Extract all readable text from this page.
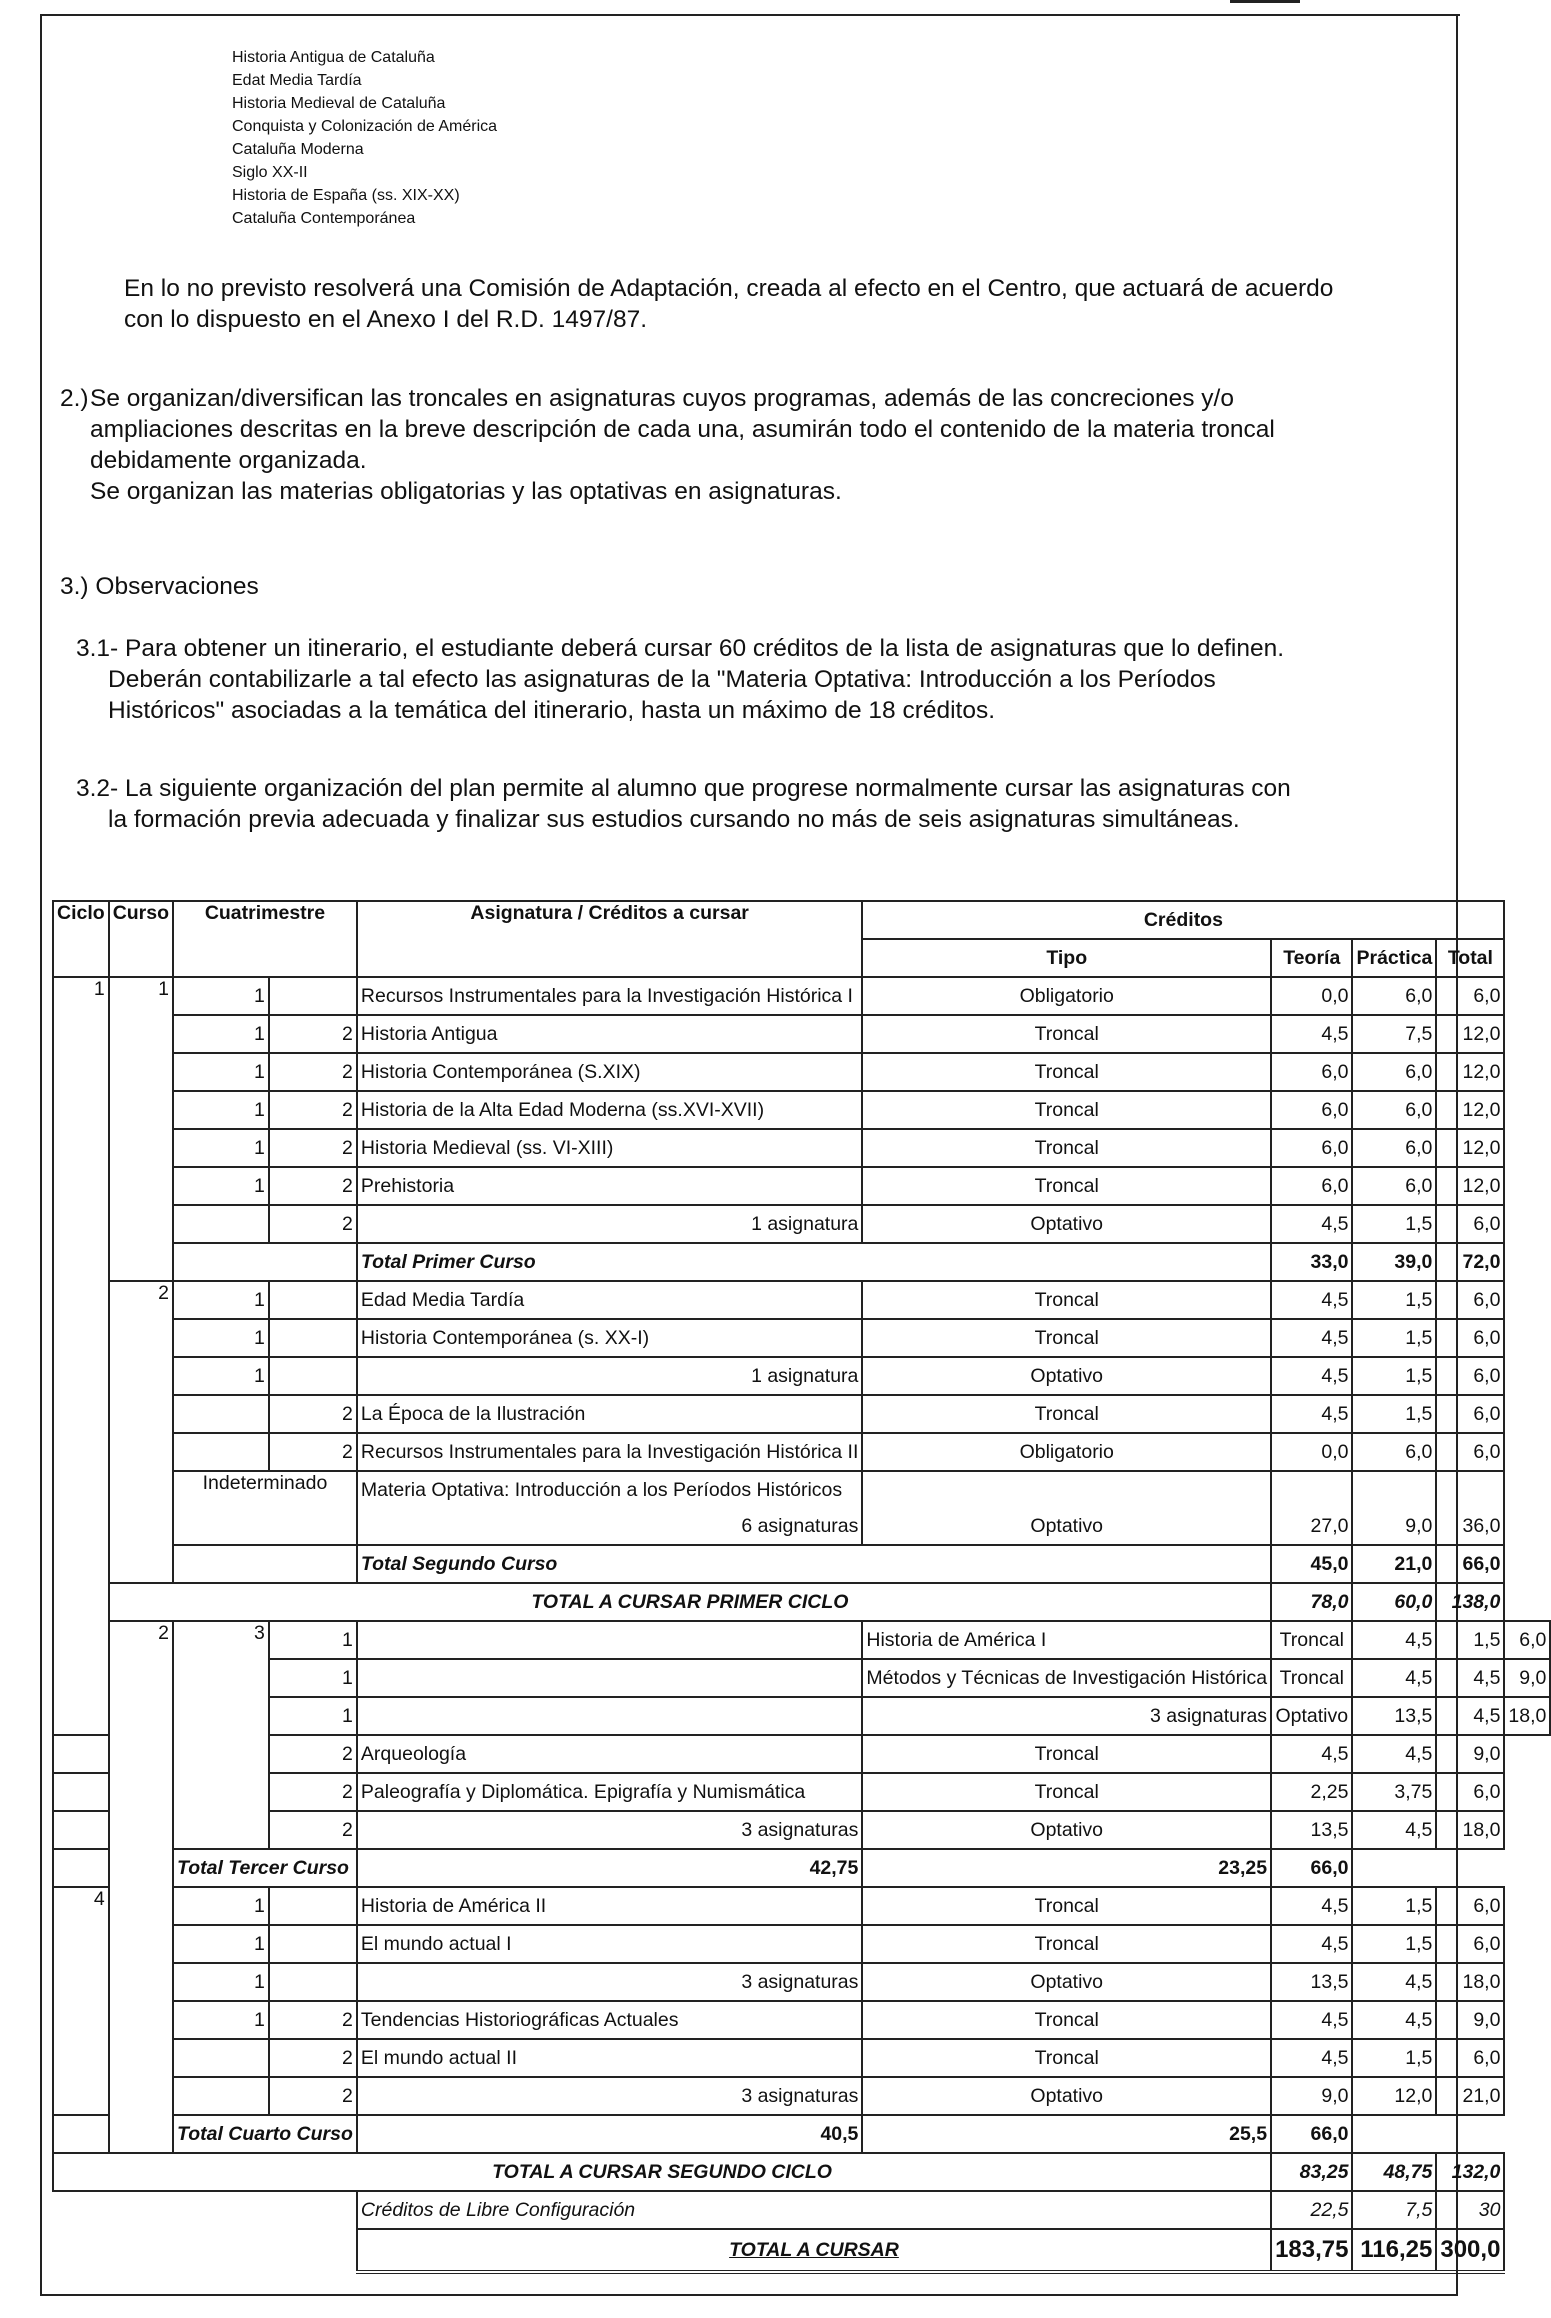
Historia Antigua de Cataluña
Edat Media Tardía
Historia Medieval de Cataluña
Conquista y Colonización de América
Cataluña Moderna
Siglo XX-II
Historia de España (ss. XIX-XX)
Cataluña Contemporánea
En lo no previsto resolverá una Comisión de Adaptación, creada al efecto en el Centro, que actuará de acuerdo
con lo dispuesto en el Anexo I del R.D. 1497/87.
2.) Se organizan/diversifican las troncales en asignaturas cuyos programas, además de las concreciones y/o
ampliaciones descritas en la breve descripción de cada una, asumirán todo el contenido de la materia troncal
debidamente organizada.
Se organizan las materias obligatorias y las optativas en asignaturas.
3.) Observaciones
3.1- Para obtener un itinerario, el estudiante deberá cursar 60 créditos de la lista de asignaturas que lo definen.
Deberán contabilizarle a tal efecto las asignaturas de la "Materia Optativa: Introducción a los Períodos
Históricos" asociadas a la temática del itinerario, hasta un máximo de 18 créditos.
3.2- La siguiente organización del plan permite al alumno que progrese normalmente cursar las asignaturas con
la formación previa adecuada y finalizar sus estudios cursando no más de seis asignaturas simultáneas.
Ciclo	Curso	Cuatrimestre		Asignatura / Créditos a cursar	Créditos				
					Tipo	Teoría	Práctica	Total	
1	1	1		Recursos Instrumentales para la Investigación Histórica I	Obligatorio	0,0	6,0	6,0	
		1	2	Historia Antigua	Troncal	4,5	7,5	12,0	
		1	2	Historia Contemporánea (S.XIX)	Troncal	6,0	6,0	12,0	
		1	2	Historia de la Alta Edad Moderna (ss.XVI-XVII)	Troncal	6,0	6,0	12,0	
		1	2	Historia Medieval (ss. VI-XIII)	Troncal	6,0	6,0	12,0	
		1	2	Prehistoria	Troncal	6,0	6,0	12,0	
			2	1 asignatura	Optativo	4,5	1,5	6,0	
				Total Primer Curso		33,0	39,0	72,0	
	2	1		Edad Media Tardía	Troncal	4,5	1,5	6,0	
		1		Historia Contemporánea (s. XX-I)	Troncal	4,5	1,5	6,0	
		1		1 asignatura	Optativo	4,5	1,5	6,0	
			2	La Época de la Ilustración	Troncal	4,5	1,5	6,0	
			2	Recursos Instrumentales para la Investigación Histórica II	Obligatorio	0,0	6,0	6,0	
		Indeterminado		Materia Optativa: Introducción a los Períodos Históricos					
				6 asignaturas	Optativo	27,0	9,0	36,0	
				Total Segundo Curso		45,0	21,0	66,0	
	TOTAL A CURSAR PRIMER CICLO					78,0	60,0	138,0	
	2	3	1		Historia de América I	Troncal	4,5	1,5	6,0
			1		Métodos y Técnicas de Investigación Histórica	Troncal	4,5	4,5	9,0
			1		3 asignaturas	Optativo	13,5	4,5	18,0
			2	Arqueología	Troncal	4,5	4,5	9,0	
			2	Paleografía y Diplomática. Epigrafía y Numismática	Troncal	2,25	3,75	6,0	
			2	3 asignaturas	Optativo	13,5	4,5	18,0	
		Total Tercer Curso		42,75	23,25	66,0			
4		1		Historia de América II	Troncal	4,5	1,5	6,0	
		1		El mundo actual I	Troncal	4,5	1,5	6,0	
		1		3 asignaturas	Optativo	13,5	4,5	18,0	
		1	2	Tendencias Historiográficas Actuales	Troncal	4,5	4,5	9,0	
			2	El mundo actual II	Troncal	4,5	1,5	6,0	
			2	3 asignaturas	Optativo	9,0	12,0	21,0	
		Total Cuarto Curso		40,5	25,5	66,0			
TOTAL A CURSAR SEGUNDO CICLO						83,25	48,75	132,0	
				Créditos de Libre Configuración		22,5	7,5	30	
				TOTAL A CURSAR		183,75	116,25	300,0	
